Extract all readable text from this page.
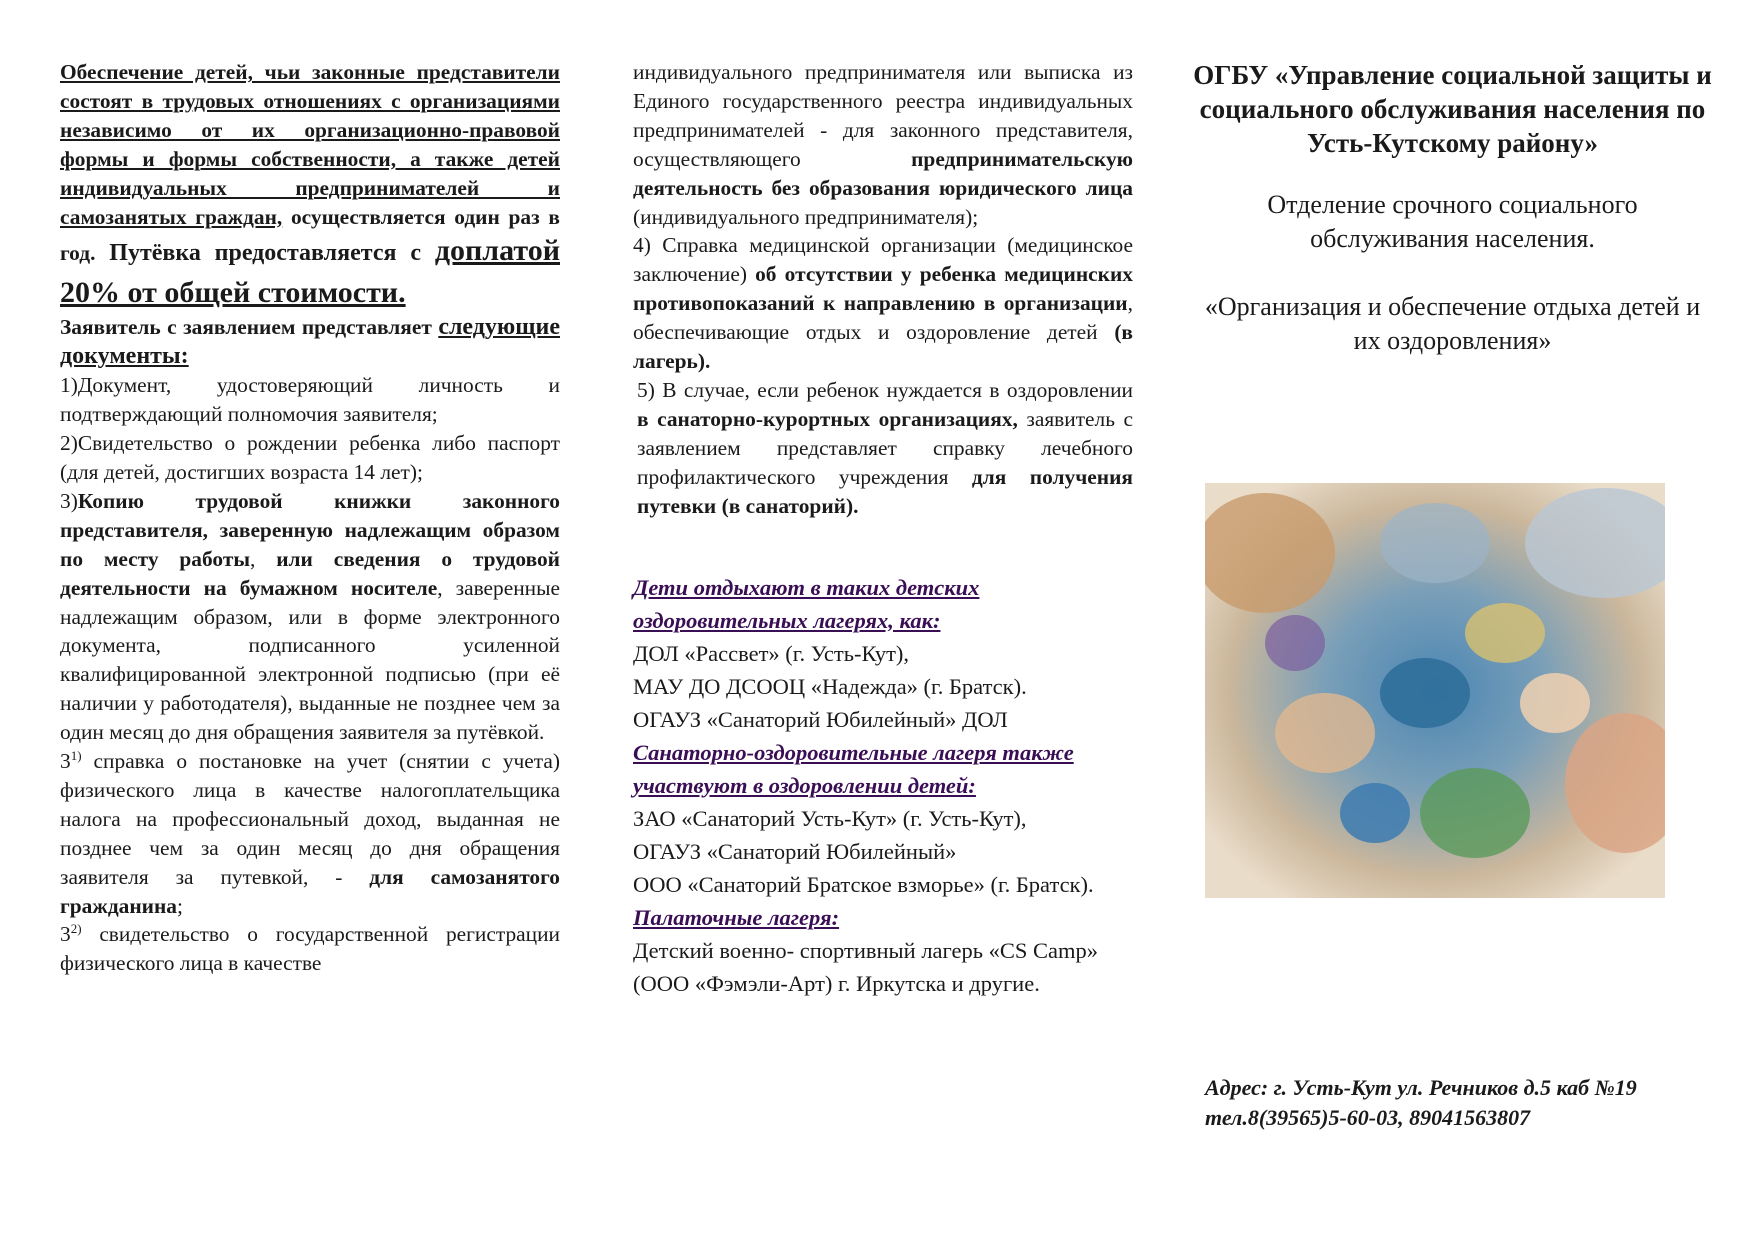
Обеспечение детей, чьи законные представители состоят в трудовых отношениях с организациями независимо от их организационно-правовой формы и формы собственности, а также детей индивидуальных предпринимателей и самозанятых граждан, осуществляется один раз в год. Путёвка предоставляется с доплатой 20% от общей стоимости.

Заявитель с заявлением представляет следующие документы:

1)Документ, удостоверяющий личность и подтверждающий полномочия заявителя;

2)Свидетельство о рождении ребенка либо паспорт (для детей, достигших возраста 14 лет);

3)Копию трудовой книжки законного представителя, заверенную надлежащим образом по месту работы, или сведения о трудовой деятельности на бумажном носителе, заверенные надлежащим образом, или в форме электронного документа, подписанного усиленной квалифицированной электронной подписью (при её наличии у работодателя), выданные не позднее чем за один месяц до дня обращения заявителя за путёвкой.

3$^{1)}$ справка о постановке на учет (снятии с учета) физического лица в качестве налогоплательщика налога на профессиональный доход, выданная не позднее чем за один месяц до дня обращения заявителя за путевкой, - для самозанятого гражданина;

3$^{2)}$ свидетельство о государственной регистрации физического лица в качестве

индивидуального предпринимателя или выписка из Единого государственного реестра индивидуальных предпринимателей - для законного представителя, осуществляющего предпринимательскую деятельность без образования юридического лица (индивидуального предпринимателя);

4) Справка медицинской организации (медицинское заключение) об отсутствии у ребенка медицинских противопоказаний к направлению в организации, обеспечивающие отдых и оздоровление детей (в лагерь).

5) В случае, если ребенок нуждается в оздоровлении в санаторно-курортных организациях, заявитель с заявлением представляет справку лечебного профилактического учреждения для получения путевки (в санаторий).

Дети отдыхают в таких детских оздоровительных лагерях, как:

ДОЛ «Рассвет» (г. Усть-Кут),

МАУ ДО ДСООЦ «Надежда» (г. Братск).

ОГАУЗ «Санаторий Юбилейный» ДОЛ

Санаторно-оздоровительные лагеря также участвуют в оздоровлении детей:

ЗАО «Санаторий Усть-Кут» (г. Усть-Кут),

ОГАУЗ «Санаторий Юбилейный»

ООО «Санаторий Братское взморье» (г. Братск).

Палаточные лагеря:

Детский военно- спортивный лагерь «CS Camp» (ООО «Фэмэли-Арт) г. Иркутска и другие.

ОГБУ «Управление социальной защиты и социального обслуживания населения по Усть-Кутскому району»
Отделение срочного социального обслуживания населения.
«Организация и обеспечение отдыха детей и их оздоровления»
Адрес: г. Усть-Кут ул. Речников д.5 каб №19
тел.8(39565)5-60-03, 89041563807
